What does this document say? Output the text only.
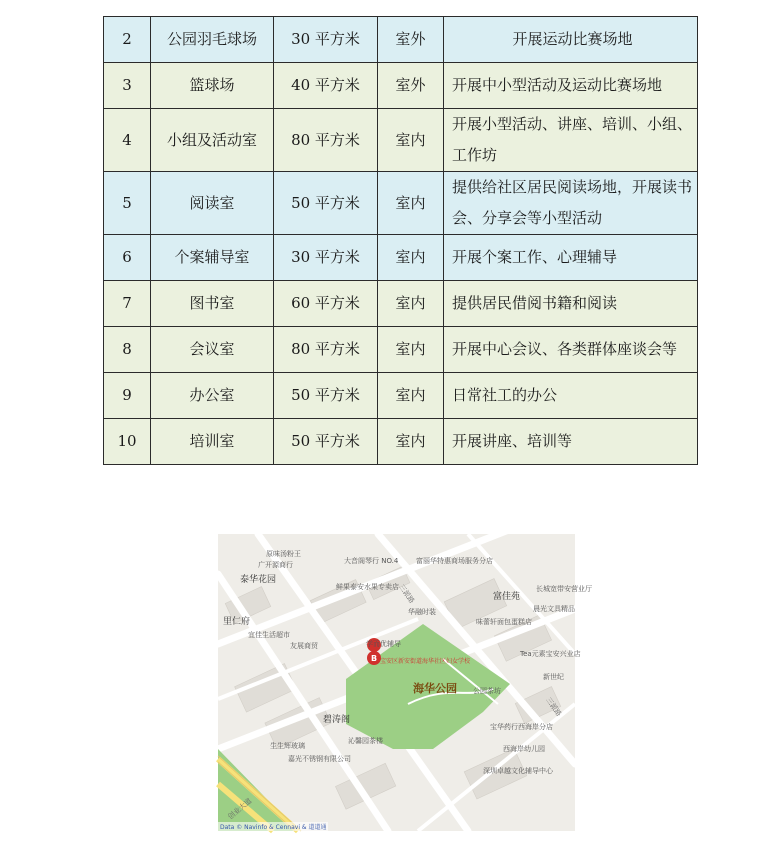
2	公园羽毛球场	30 平方米	室外	开展运动比赛场地
3	篮球场	40 平方米	室外	开展中小型活动及运动比赛场地
4	小组及活动室	80 平方米	室内	开展小型活动、讲座、培训、小组、工作坊
5	阅读室	50 平方米	室内	提供给社区居民阅读场地，开展读书会、分享会等小型活动
6	个案辅导室	30 平方米	室内	开展个案工作、心理辅导
7	图书室	60 平方米	室内	提供居民借阅书籍和阅读
8	会议室	80 平方米	室内	开展中心会议、各类群体座谈会等
9	办公室	50 平方米	室内	日常社工的办公
10	培训室	50 平方米	室内	开展讲座、培训等
B
泰华花园
里仁府
富佳苑
碧涛阁
海华公园 公园茶坊
三派路
三派路
创业大道
原味汤粉王
广开源商行
鲜果泰安水果专卖店
大音阁琴行 NO.4	富丽华特惠商场服务分店
华融时装
学而优辅导
宜佳生活超市
友展商贸
味蕾轩面包蛋糕店
长城宽带安营业厅
晨光文具精品
Tea元素宝安兴业店
新世纪
宝华药行西海岸分店
西海岸幼儿园
深圳卓越文化辅导中心
沁馨园茶楼
生生辉玻璃
嘉光不锈钢有限公司
宝安区新安街道海华社区妇女学校
Data © Navinfo & Cennavi & 道道通
